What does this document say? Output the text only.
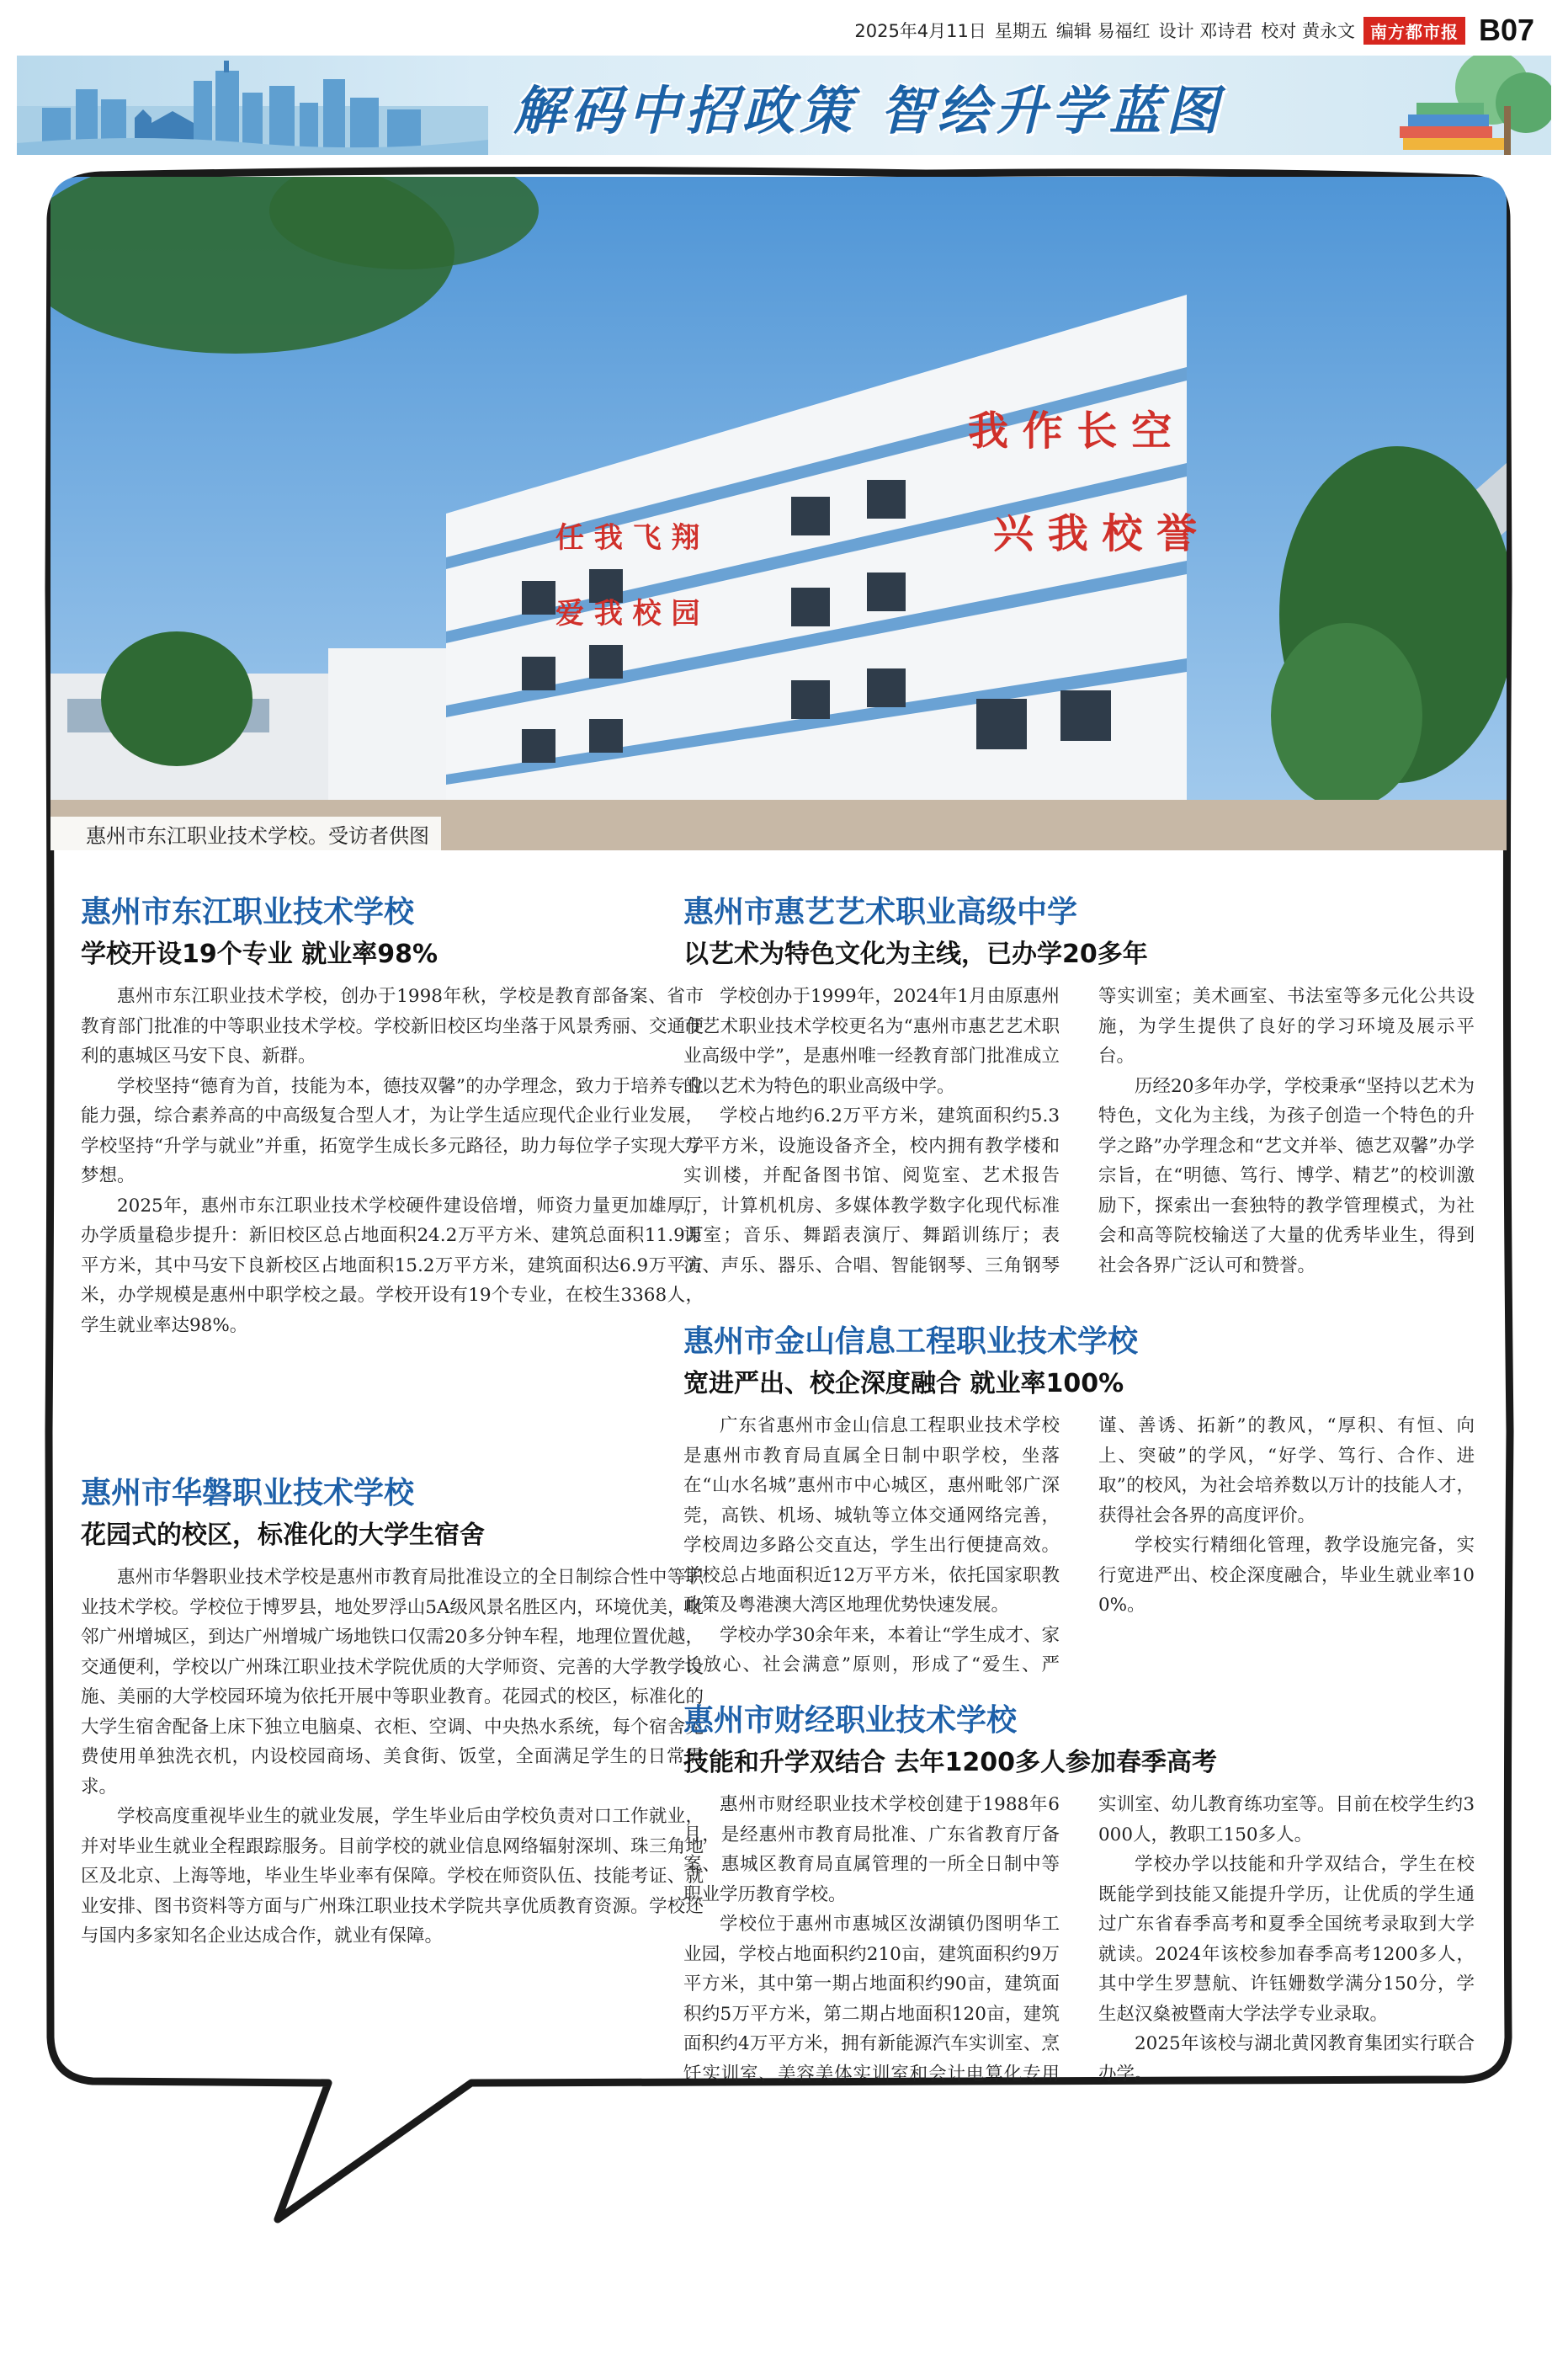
2025年4月11日 星期五 编辑 易福红 设计 邓诗君 校对 黄永文 南方都市报 B07
解码中招政策 智绘升学蓝图
我 作 长 空
兴 我 校 誉
任 我 飞 翔
爱 我 校 园
惠州市东江职业技术学校。受访者供图
惠州市东江职业技术学校
学校开设19个专业 就业率98%

惠州市东江职业技术学校，创办于1998年秋，学校是教育部备案、省市教育部门批准的中等职业技术学校。学校新旧校区均坐落于风景秀丽、交通便利的惠城区马安下良、新群。

学校坚持“德育为首，技能为本，德技双馨”的办学理念，致力于培养专业能力强，综合素养高的中高级复合型人才，为让学生适应现代企业行业发展，学校坚持“升学与就业”并重，拓宽学生成长多元路径，助力每位学子实现大学梦想。

2025年，惠州市东江职业技术学校硬件建设倍增，师资力量更加雄厚，办学质量稳步提升：新旧校区总占地面积24.2万平方米、建筑总面积11.9万平方米，其中马安下良新校区占地面积15.2万平方米，建筑面积达6.9万平方米，办学规模是惠州中职学校之最。学校开设有19个专业，在校生3368人，学生就业率达98%。

惠州市华磐职业技术学校
花园式的校区，标准化的大学生宿舍

惠州市华磐职业技术学校是惠州市教育局批准设立的全日制综合性中等职业技术学校。学校位于博罗县，地处罗浮山5A级风景名胜区内，环境优美，毗邻广州增城区，到达广州增城广场地铁口仅需20多分钟车程，地理位置优越，交通便利，学校以广州珠江职业技术学院优质的大学师资、完善的大学教学设施、美丽的大学校园环境为依托开展中等职业教育。花园式的校区，标准化的大学生宿舍配备上床下独立电脑桌、衣柜、空调、中央热水系统，每个宿舍免费使用单独洗衣机，内设校园商场、美食街、饭堂，全面满足学生的日常需求。

学校高度重视毕业生的就业发展，学生毕业后由学校负责对口工作就业，并对毕业生就业全程跟踪服务。目前学校的就业信息网络辐射深圳、珠三角地区及北京、上海等地，毕业生毕业率有保障。学校在师资队伍、技能考证、就业安排、图书资料等方面与广州珠江职业技术学院共享优质教育资源。学校还与国内多家知名企业达成合作，就业有保障。

惠州市惠艺艺术职业高级中学
以艺术为特色文化为主线，已办学20多年

学校创办于1999年，2024年1月由原惠州市艺术职业技术学校更名为“惠州市惠艺艺术职业高级中学”，是惠州唯一经教育部门批准成立的以艺术为特色的职业高级中学。

学校占地约6.2万平方米，建筑面积约5.3万平方米，设施设备齐全，校内拥有教学楼和实训楼，并配备图书馆、阅览室、艺术报告厅，计算机机房、多媒体教学数字化现代标准课室；音乐、舞蹈表演厅、舞蹈训练厅；表演、声乐、器乐、合唱、智能钢琴、三角钢琴等实训室；美术画室、书法室等多元化公共设施，为学生提供了良好的学习环境及展示平台。

历经20多年办学，学校秉承“坚持以艺术为特色，文化为主线，为孩子创造一个特色的升学之路”办学理念和“艺文并举、德艺双馨”办学宗旨，在“明德、笃行、博学、精艺”的校训激励下，探索出一套独特的教学管理模式，为社会和高等院校输送了大量的优秀毕业生，得到社会各界广泛认可和赞誉。

惠州市金山信息工程职业技术学校
宽进严出、校企深度融合 就业率100%

广东省惠州市金山信息工程职业技术学校是惠州市教育局直属全日制中职学校，坐落在“山水名城”惠州市中心城区，惠州毗邻广深莞，高铁、机场、城轨等立体交通网络完善，学校周边多路公交直达，学生出行便捷高效。学校总占地面积近12万平方米，依托国家职教政策及粤港澳大湾区地理优势快速发展。

学校办学30余年来，本着让“学生成才、家长放心、社会满意”原则，形成了“爱生、严谨、善诱、拓新”的教风，“厚积、有恒、向上、突破”的学风，“好学、笃行、合作、进取”的校风，为社会培养数以万计的技能人才，获得社会各界的高度评价。

学校实行精细化管理，教学设施完备，实行宽进严出、校企深度融合，毕业生就业率100%。

惠州市财经职业技术学校
技能和升学双结合 去年1200多人参加春季高考

惠州市财经职业技术学校创建于1988年6月，是经惠州市教育局批准、广东省教育厅备案、惠城区教育局直属管理的一所全日制中等职业学历教育学校。

学校位于惠州市惠城区汝湖镇仍图明华工业园，学校占地面积约210亩，建筑面积约9万平方米，其中第一期占地面积约90亩，建筑面积约5万平方米，第二期占地面积120亩，建筑面积约4万平方米，拥有新能源汽车实训室、烹饪实训室、美容美体实训室和会计电算化专用实训室、幼儿教育练功室等。目前在校学生约3000人，教职工150多人。

学校办学以技能和升学双结合，学生在校既能学到技能又能提升学历，让优质的学生通过广东省春季高考和夏季全国统考录取到大学就读。2024年该校参加春季高考1200多人，其中学生罗慧航、许钰姗数学满分150分，学生赵汉燊被暨南大学法学专业录取。

2025年该校与湖北黄冈教育集团实行联合办学。
